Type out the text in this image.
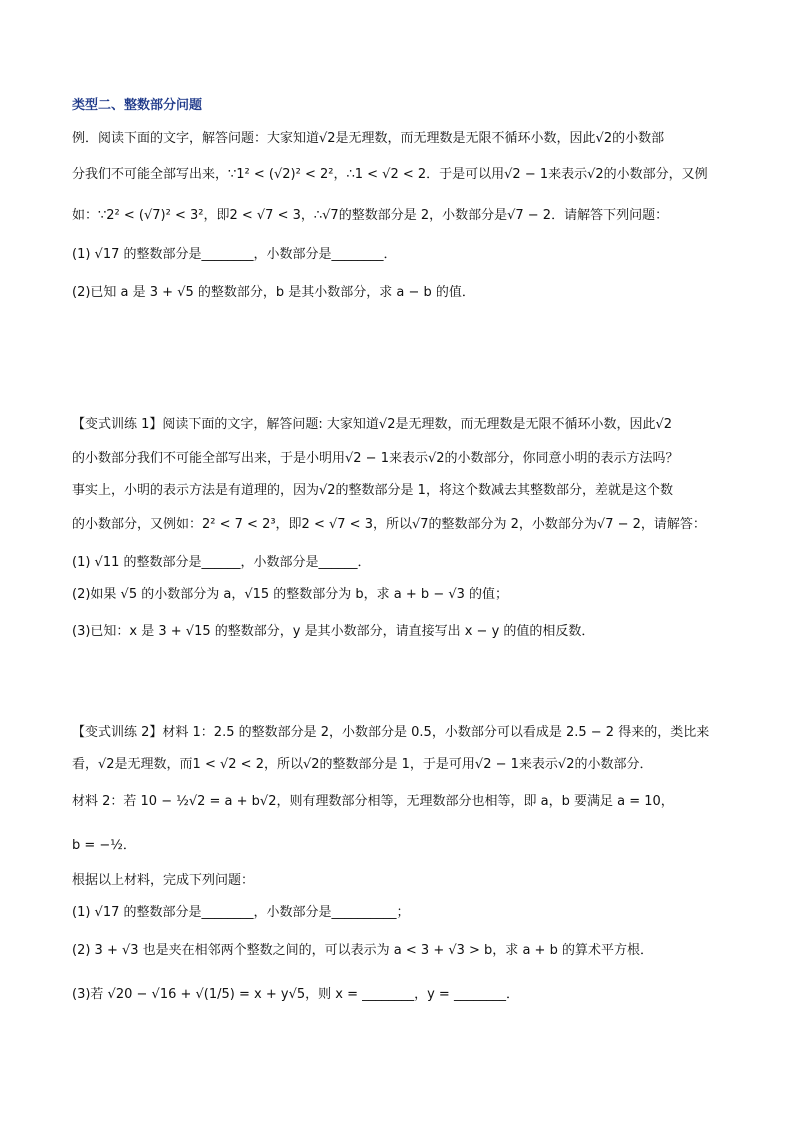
类型二、整数部分问题
例．阅读下面的文字，解答问题：大家知道√2是无理数，而无理数是无限不循环小数，因此√2的小数部
分我们不可能全部写出来，∵1² < (√2)² < 2²，∴1 < √2 < 2．于是可以用√2 − 1来表示√2的小数部分，又例
如：∵2² < (√7)² < 3²，即2 < √7 < 3，∴√7的整数部分是 2，小数部分是√7 − 2．请解答下列问题：
(1) √17 的整数部分是________，小数部分是________．
(2)已知 a 是 3 + √5 的整数部分，b 是其小数部分，求 a − b 的值．
【变式训练 1】阅读下面的文字，解答问题: 大家知道√2是无理数，而无理数是无限不循环小数，因此√2
的小数部分我们不可能全部写出来，于是小明用√2 − 1来表示√2的小数部分，你同意小明的表示方法吗？
事实上，小明的表示方法是有道理的，因为√2的整数部分是 1，将这个数减去其整数部分，差就是这个数
的小数部分，又例如：2² < 7 < 2³，即2 < √7 < 3，所以√7的整数部分为 2，小数部分为√7 − 2，请解答：
(1) √11 的整数部分是______，小数部分是______．
(2)如果 √5 的小数部分为 a，√15 的整数部分为 b，求 a + b − √3 的值；
(3)已知：x 是 3 + √15 的整数部分，y 是其小数部分，请直接写出 x − y 的值的相反数．
【变式训练 2】材料 1：2.5 的整数部分是 2，小数部分是 0.5，小数部分可以看成是 2.5 − 2 得来的，类比来
看，√2是无理数，而1 < √2 < 2，所以√2的整数部分是 1，于是可用√2 − 1来表示√2的小数部分．
材料 2：若 10 − ½√2 = a + b√2，则有理数部分相等，无理数部分也相等，即 a，b 要满足 a = 10，
b = −½．
根据以上材料，完成下列问题：
(1) √17 的整数部分是________，小数部分是__________；
(2) 3 + √3 也是夹在相邻两个整数之间的，可以表示为 a < 3 + √3 > b，求 a + b 的算术平方根．
(3)若 √20 − √16 + √(1/5) = x + y√5，则 x = ________，y = ________．
